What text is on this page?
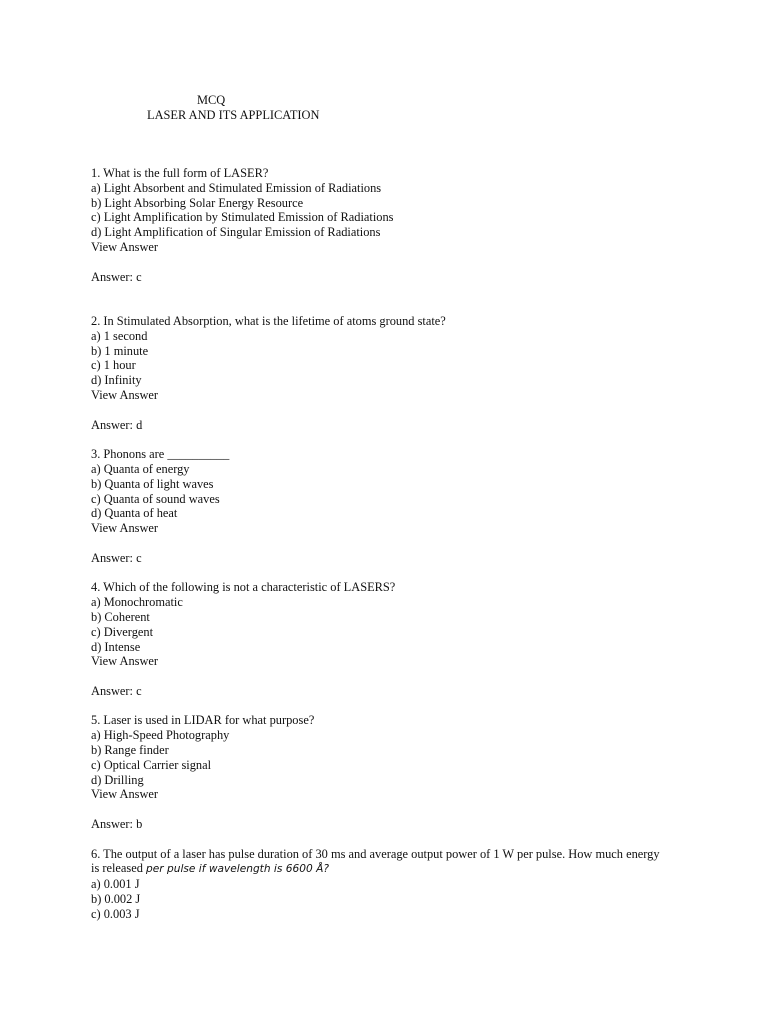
MCQ
LASER AND ITS APPLICATION
1. What is the full form of LASER?
a) Light Absorbent and Stimulated Emission of Radiations
b) Light Absorbing Solar Energy Resource
c) Light Amplification by Stimulated Emission of Radiations
d) Light Amplification of Singular Emission of Radiations
View Answer
Answer: c
2. In Stimulated Absorption, what is the lifetime of atoms ground state?
a) 1 second
b) 1 minute
c) 1 hour
d) Infinity
View Answer
Answer: d
3. Phonons are __________
a) Quanta of energy
b) Quanta of light waves
c) Quanta of sound waves
d) Quanta of heat
View Answer
Answer: c
4. Which of the following is not a characteristic of LASERS?
a) Monochromatic
b) Coherent
c) Divergent
d) Intense
View Answer
Answer: c
5. Laser is used in LIDAR for what purpose?
a) High-Speed Photography
b) Range finder
c) Optical Carrier signal
d) Drilling
View Answer
Answer: b
6. The output of a laser has pulse duration of 30 ms and average output power of 1 W per pulse. How much energy
is released per pulse if wavelength is 6600 Å?
a) 0.001 J
b) 0.002 J
c) 0.003 J
